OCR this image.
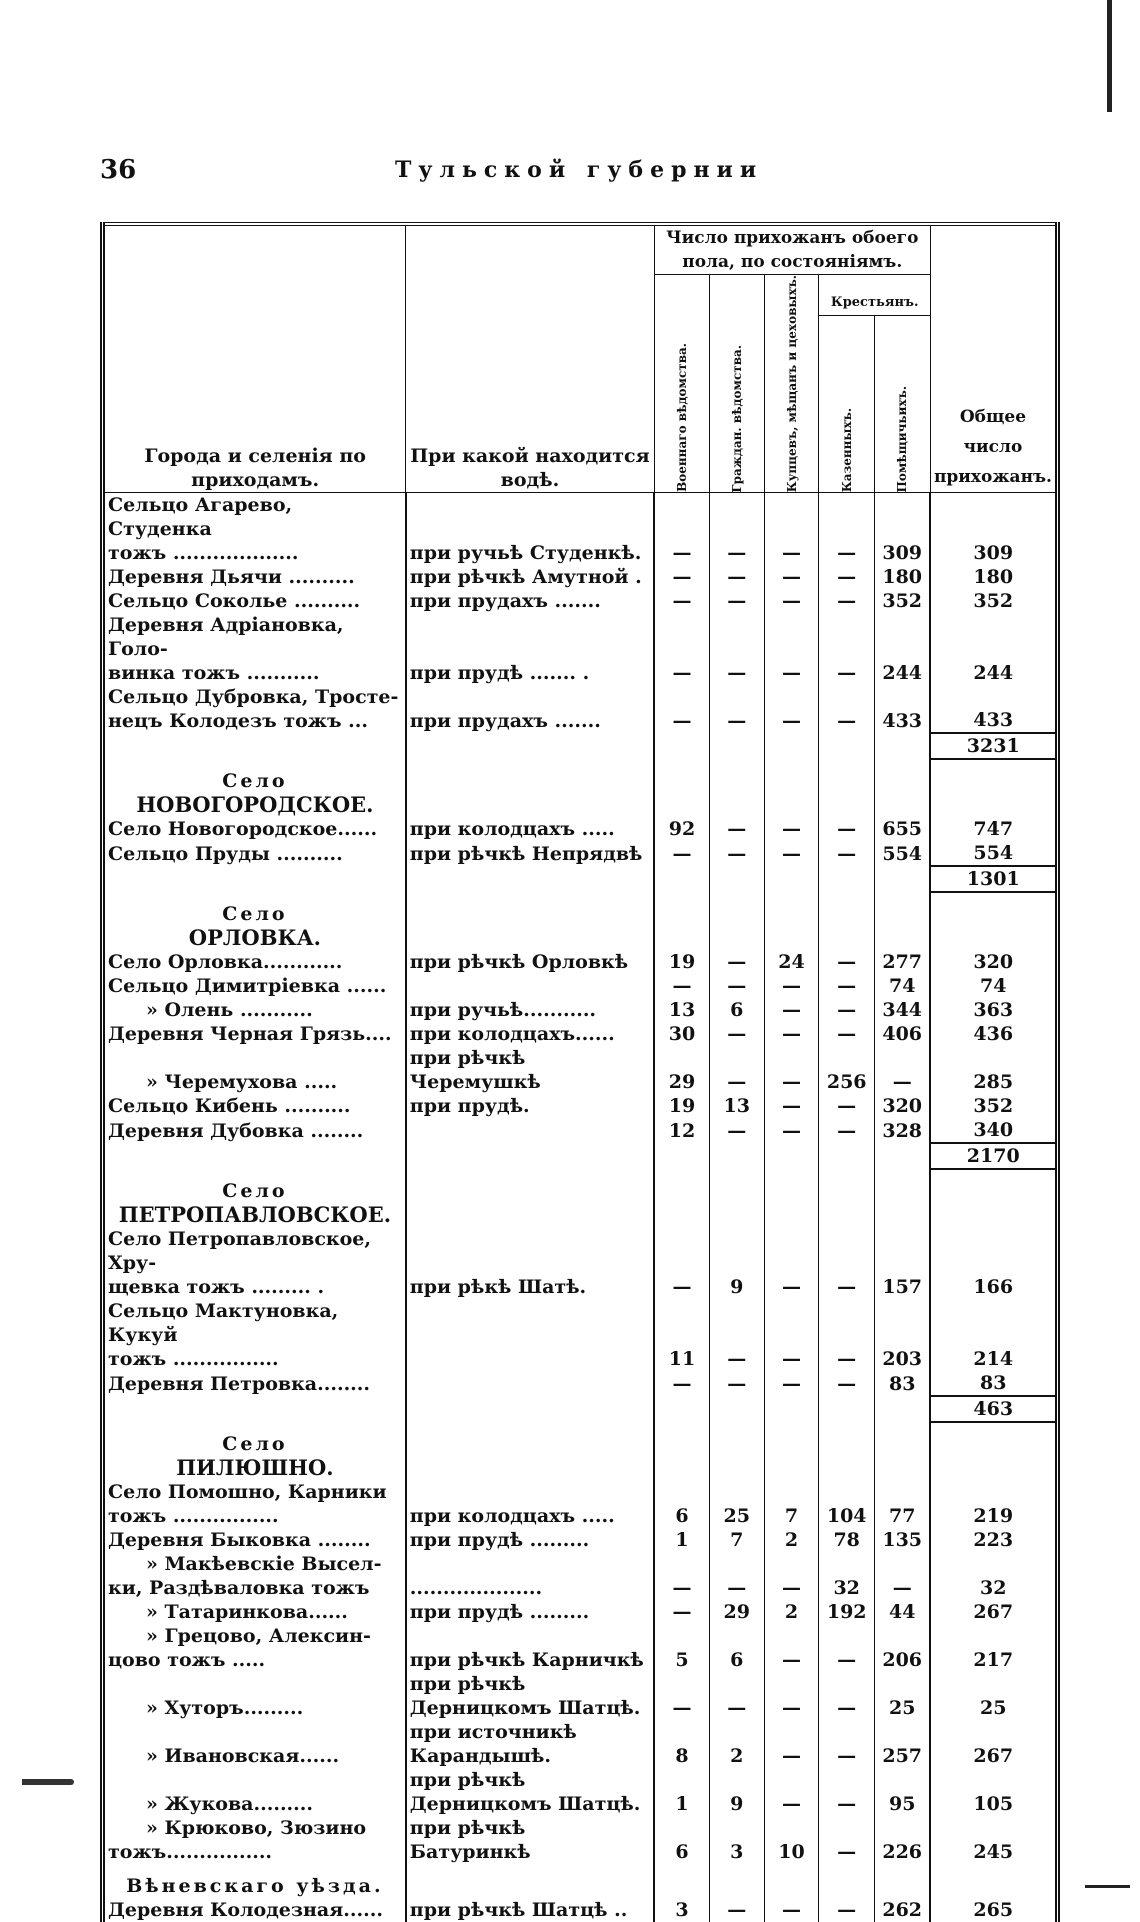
36	Тульской губернии
Города и селенія по приходамъ.	При какой находится водѣ.	Число прихожанъ обоего пола, по состояніямъ.					Общее число прихожанъ.

		Военнаго вѣдомства.	Граждан. вѣдомства.	Купцевъ, мѣщанъ и цеховыхъ.	Крестьянъ.		

					Казенныхъ.	Помѣщичьихъ.	

Сельцо Агарево, Студенка
тожъ ...................	при ручьѣ Студенкѣ.	—	—	—	—	309	309

Деревня Дьячи ..........	при рѣчкѣ Амутной .	—	—	—	—	180	180

Сельцо Соколье ..........	при прудахъ .......	—	—	—	—	352	352

Деревня Адріановка, Голо-
винка тожъ ...........	при прудѣ ....... .	—	—	—	—	244	244

Сельцо Дубровка, Тросте-
нецъ Колодезъ тожъ ...	при прудахъ .......	—	—	—	—	433	433
							3231

Село
НОВОГОРОДСКОЕ.							

Село Новогородское......	при колодцахъ .....	92	—	—	—	655	747

Сельцо Пруды ..........	при рѣчкѣ Непрядвѣ	—	—	—	—	554	554
							1301

Село
ОРЛОВКА.							

Село Орловка............	при рѣчкѣ Орловкѣ	19	—	24	—	277	320

Сельцо Димитріевка ......		—	—	—	—	74	74

» Олень ...........	при ручьѣ...........	13	6	—	—	344	363

Деревня Черная Грязь....	при колодцахъ......	30	—	—	—	406	436

» Черемухова .....	при рѣчкѣ Черемушкѣ	29	—	—	256	—	285

Сельцо Кибень ..........	при прудѣ.	19	13	—	—	320	352

Деревня Дубовка ........		12	—	—	—	328	340
							2170

Село
ПЕТРОПАВЛОВСКОЕ.							

Село Петропавловское, Хру-
щевка тожъ ......... .	при рѣкѣ Шатѣ.	—	9	—	—	157	166

Сельцо Мактуновка, Кукуй
тожъ ................		11	—	—	—	203	214

Деревня Петровка........		—	—	—	—	83	83
							463

Село
ПИЛЮШНО.							

Село Помошно, Карники
тожъ ................	при колодцахъ .....	6	25	7	104	77	219

Деревня Быковка ........	при прудѣ .........	1	7	2	78	135	223

» Макѣевскіе Высел-
ки, Раздѣваловка тожъ	....................	—	—	—	32	—	32

» Татаринкова......	при прудѣ .........	—	29	2	192	44	267

» Грецово, Алексин-
цово тожъ .....	при рѣчкѣ Карничкѣ	5	6	—	—	206	217

» Хуторъ.........	при рѣчкѣ Дерницкомъ Шатцѣ.	—	—	—	—	25	25

» Ивановская......	при источникѣ Карандышѣ.	8	2	—	—	257	267

» Жукова.........	при рѣчкѣ Дерницкомъ Шатцѣ.	1	9	—	—	95	105

» Крюково, Зюзино
тожъ................	при рѣчкѣ Батуринкѣ	6	3	10	—	226	245

Вѣневскаго уѣзда.							

Деревня Колодезная......	при рѣчкѣ Шатцѣ ..	3	—	—	—	262	265
